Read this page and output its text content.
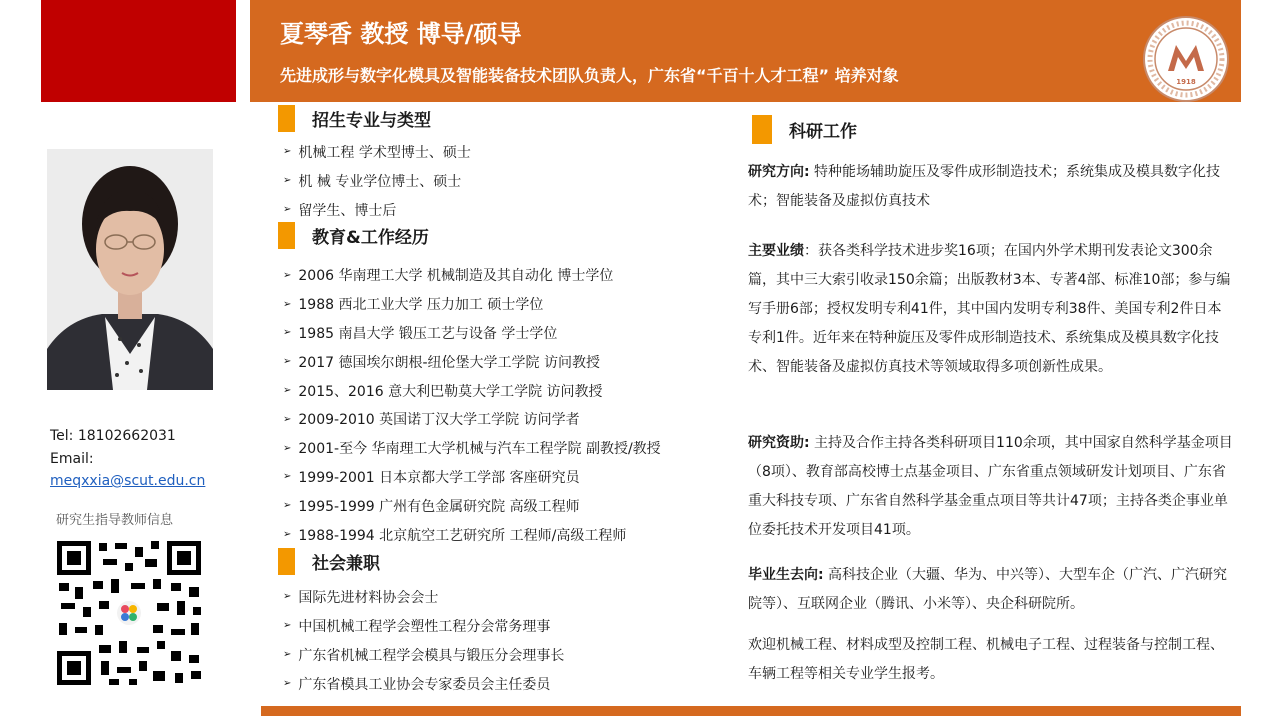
夏琴香 教授 博导/硕导
先进成形与数字化模具及智能装备技术团队负责人，广东省“千百十人才工程” 培养对象	1918
Tel: 18102662031
Email:
meqxxia@scut.edu.cn
研究生指导教师信息
招生专业与类型
➢ 机械工程 学术型博士、硕士
➢ 机 械 专业学位博士、硕士
➢ 留学生、博士后
教育&工作经历
➢ 2006 华南理工大学 机械制造及其自动化 博士学位
➢ 1988 西北工业大学 压力加工 硕士学位
➢ 1985 南昌大学 锻压工艺与设备 学士学位
➢ 2017 德国埃尔朗根-纽伦堡大学工学院 访问教授
➢ 2015、2016 意大利巴勒莫大学工学院 访问教授
➢ 2009-2010 英国诺丁汉大学工学院 访问学者
➢ 2001-至今 华南理工大学机械与汽车工程学院 副教授/教授
➢ 1999-2001 日本京都大学工学部 客座研究员
➢ 1995-1999 广州有色金属研究院 高级工程师
➢ 1988-1994 北京航空工艺研究所 工程师/高级工程师
社会兼职
➢ 国际先进材料协会会士
➢ 中国机械工程学会塑性工程分会常务理事
➢ 广东省机械工程学会模具与锻压分会理事长
➢ 广东省模具工业协会专家委员会主任委员
科研工作

研究方向: 特种能场辅助旋压及零件成形制造技术；系统集成及模具数字化技术；智能装备及虚拟仿真技术

主要业绩：获各类科学技术进步奖16项；在国内外学术期刊发表论文300余篇，其中三大索引收录150余篇；出版教材3本、专著4部、标准10部；参与编写手册6部；授权发明专利41件，其中国内发明专利38件、美国专利2件日本专利1件。近年来在特种旋压及零件成形制造技术、系统集成及模具数字化技术、智能装备及虚拟仿真技术等领域取得多项创新性成果。

研究资助: 主持及合作主持各类科研项目110余项，其中国家自然科学基金项目 （8项）、教育部高校博士点基金项目、广东省重点领域研发计划项目、广东省重大科技专项、广东省自然科学基金重点项目等共计47项；主持各类企事业单位委托技术开发项目41项。

毕业生去向: 高科技企业（大疆、华为、中兴等）、大型车企（广汽、广汽研究院等）、互联网企业（腾讯、小米等）、央企科研院所。

欢迎机械工程、材料成型及控制工程、机械电子工程、过程装备与控制工程、车辆工程等相关专业学生报考。
